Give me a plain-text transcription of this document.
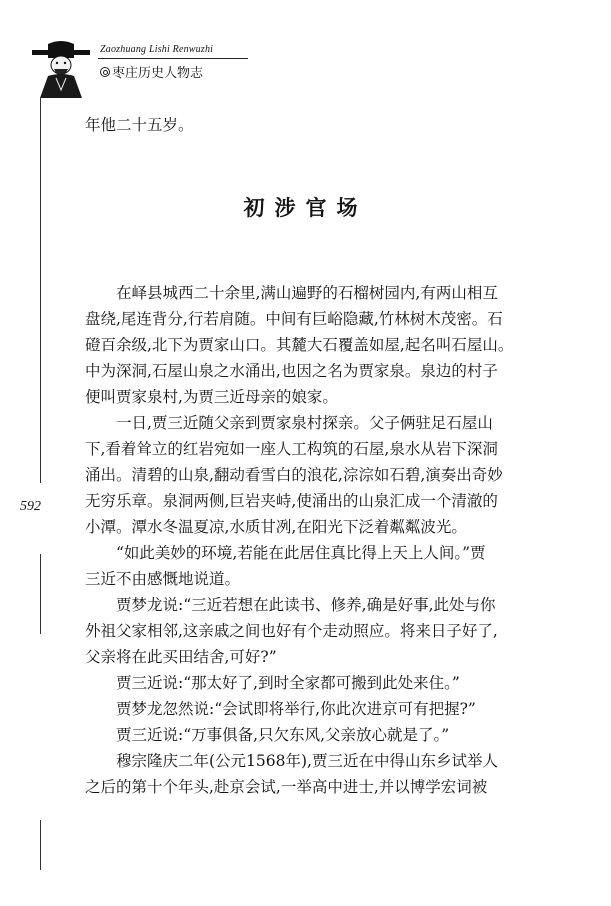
Zaozhuang Lishi Renwuzhi
枣庄历史人物志
592
年他二十五岁。
初涉官场
在峄县城西二十余里,满山遍野的石榴树园内,有两山相互
盘绕,尾连背分,行若肩随。中间有巨峪隐藏,竹林树木茂密。石
磴百余级,北下为贾家山口。其麓大石覆盖如屋,起名叫石屋山。
中为深洞,石屋山泉之水涌出,也因之名为贾家泉。泉边的村子
便叫贾家泉村,为贾三近母亲的娘家。
一日,贾三近随父亲到贾家泉村探亲。父子俩驻足石屋山
下,看着耸立的红岩宛如一座人工构筑的石屋,泉水从岩下深洞
涌出。清碧的山泉,翻动看雪白的浪花,淙淙如石碧,演奏出奇妙
无穷乐章。泉洞两侧,巨岩夹峙,使涌出的山泉汇成一个清澈的
小潭。潭水冬温夏凉,水质甘冽,在阳光下泛着粼粼波光。
“如此美妙的环境,若能在此居住真比得上天上人间。”贾
三近不由感慨地说道。
贾梦龙说:“三近若想在此读书、修养,确是好事,此处与你
外祖父家相邻,这亲戚之间也好有个走动照应。将来日子好了,
父亲将在此买田结舍,可好?”
贾三近说:“那太好了,到时全家都可搬到此处来住。”
贾梦龙忽然说:“会试即将举行,你此次进京可有把握?”
贾三近说:“万事俱备,只欠东风,父亲放心就是了。”
穆宗隆庆二年(公元1568年),贾三近在中得山东乡试举人
之后的第十个年头,赴京会试,一举高中进士,并以博学宏词被
